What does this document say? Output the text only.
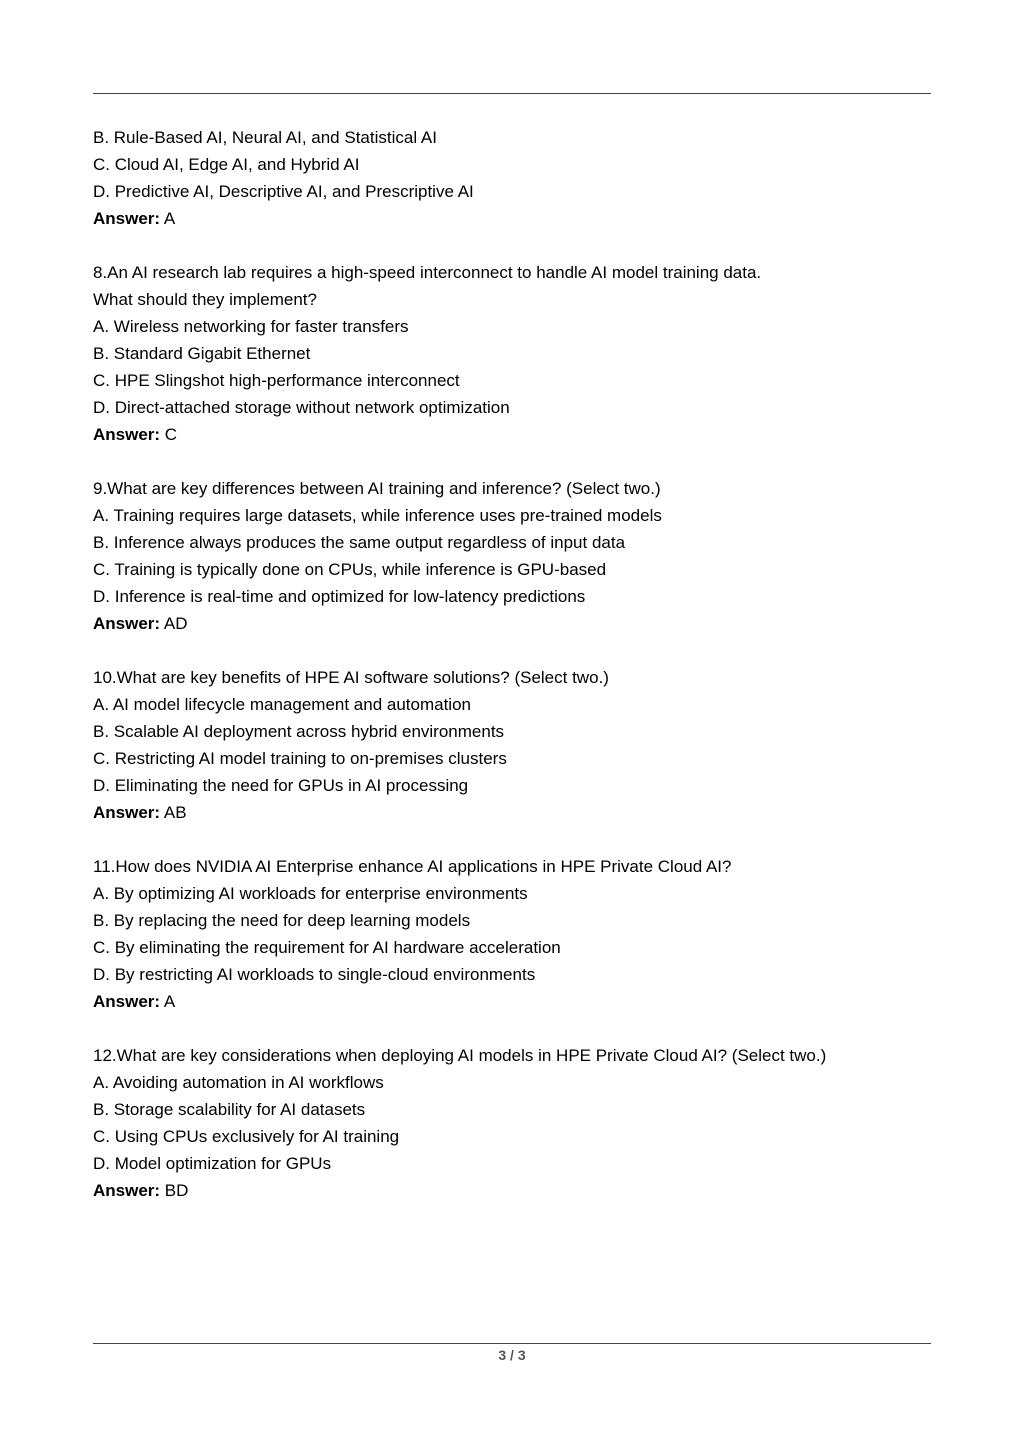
B. Rule-Based AI, Neural AI, and Statistical AI
C. Cloud AI, Edge AI, and Hybrid AI
D. Predictive AI, Descriptive AI, and Prescriptive AI
Answer: A
8.An AI research lab requires a high-speed interconnect to handle AI model training data.
What should they implement?
A. Wireless networking for faster transfers
B. Standard Gigabit Ethernet
C. HPE Slingshot high-performance interconnect
D. Direct-attached storage without network optimization
Answer: C
9.What are key differences between AI training and inference? (Select two.)
A. Training requires large datasets, while inference uses pre-trained models
B. Inference always produces the same output regardless of input data
C. Training is typically done on CPUs, while inference is GPU-based
D. Inference is real-time and optimized for low-latency predictions
Answer: AD
10.What are key benefits of HPE AI software solutions? (Select two.)
A. AI model lifecycle management and automation
B. Scalable AI deployment across hybrid environments
C. Restricting AI model training to on-premises clusters
D. Eliminating the need for GPUs in AI processing
Answer: AB
11.How does NVIDIA AI Enterprise enhance AI applications in HPE Private Cloud AI?
A. By optimizing AI workloads for enterprise environments
B. By replacing the need for deep learning models
C. By eliminating the requirement for AI hardware acceleration
D. By restricting AI workloads to single-cloud environments
Answer: A
12.What are key considerations when deploying AI models in HPE Private Cloud AI? (Select two.)
A. Avoiding automation in AI workflows
B. Storage scalability for AI datasets
C. Using CPUs exclusively for AI training
D. Model optimization for GPUs
Answer: BD
3 / 3
